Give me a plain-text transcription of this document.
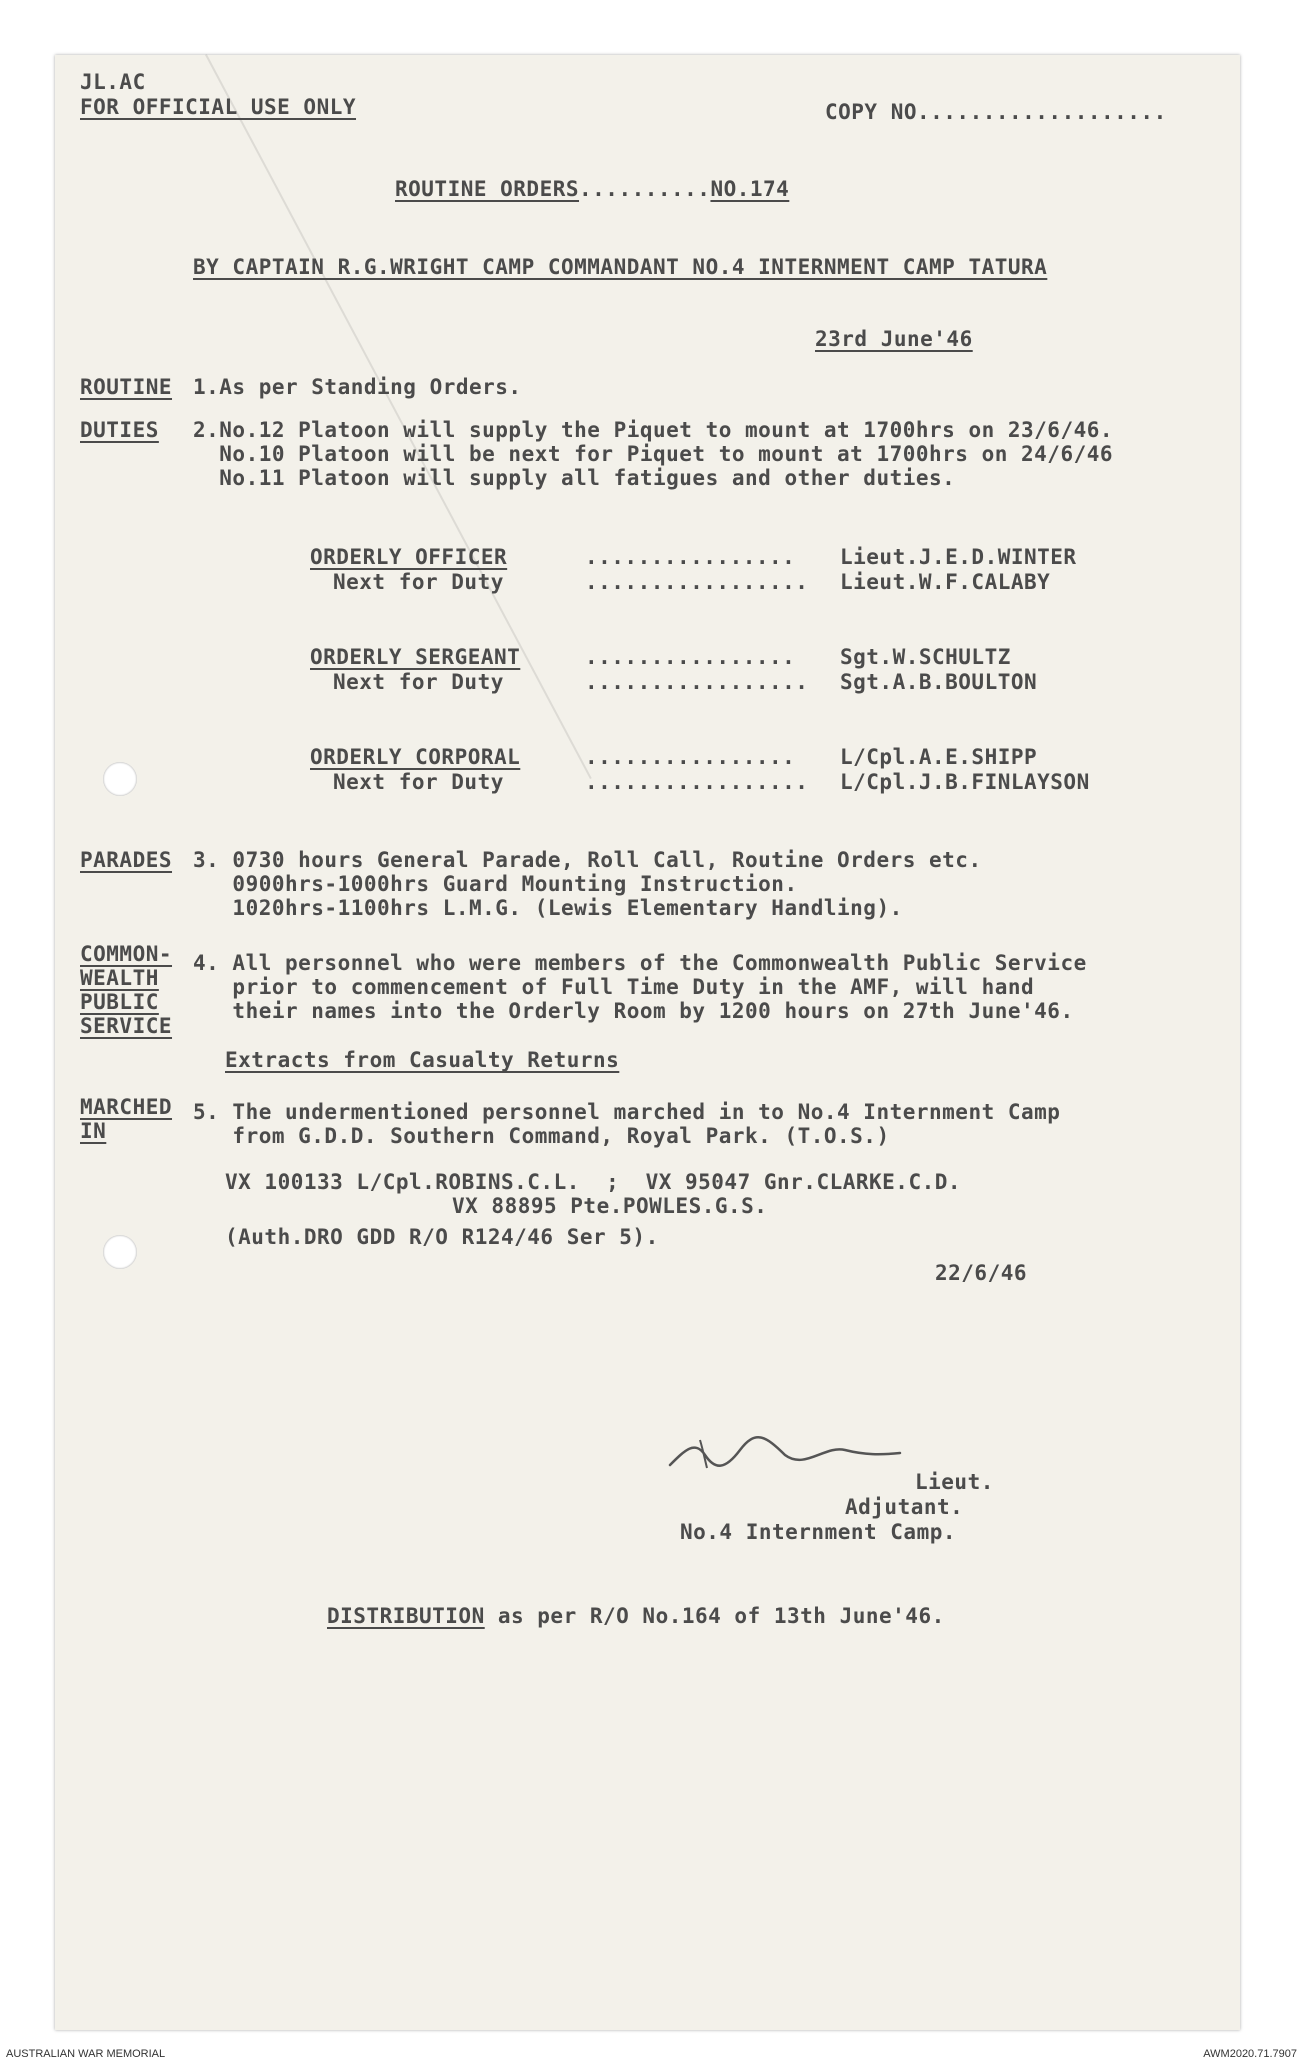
JL.AC
FOR OFFICIAL USE ONLY	COPY NO...................
ROUTINE ORDERS..........NO.174
BY CAPTAIN R.G.WRIGHT CAMP COMMANDANT NO.4 INTERNMENT CAMP TATURA
23rd June'46
ROUTINE 1.As per Standing Orders.
DUTIES 2.No.12 Platoon will supply the Piquet to mount at 1700hrs on 23/6/46.
No.10 Platoon will be next for Piquet to mount at 1700hrs on 24/6/46
No.11 Platoon will supply all fatigues and other duties.
ORDERLY OFFICER	................ Lieut.J.E.D.WINTER
Next for Duty	................. Lieut.W.F.CALABY
ORDERLY SERGEANT	................ Sgt.W.SCHULTZ
Next for Duty	................. Sgt.A.B.BOULTON
ORDERLY CORPORAL	................ L/Cpl.A.E.SHIPP
Next for Duty	................. L/Cpl.J.B.FINLAYSON
PARADES 3. 0730 hours General Parade, Roll Call, Routine Orders etc.
0900hrs-1000hrs Guard Mounting Instruction.
1020hrs-1100hrs L.M.G. (Lewis Elementary Handling).
COMMON-
WEALTH
PUBLIC
SERVICE
4. All personnel who were members of the Commonwealth Public Service
prior to commencement of Full Time Duty in the AMF, will hand
their names into the Orderly Room by 1200 hours on 27th June'46.
Extracts from Casualty Returns
MARCHED
IN
5. The undermentioned personnel marched in to No.4 Internment Camp
from G.D.D. Southern Command, Royal Park. (T.O.S.)
VX 100133 L/Cpl.ROBINS.C.L.  ;  VX 95047 Gnr.CLARKE.C.D.
VX 88895 Pte.POWLES.G.S.
(Auth.DRO GDD R/O R124/46 Ser 5).
22/6/46
Lieut.
Adjutant.
No.4 Internment Camp.
DISTRIBUTION as per R/O No.164 of 13th June'46.
AUSTRALIAN WAR MEMORIAL	AWM2020.71.7907
